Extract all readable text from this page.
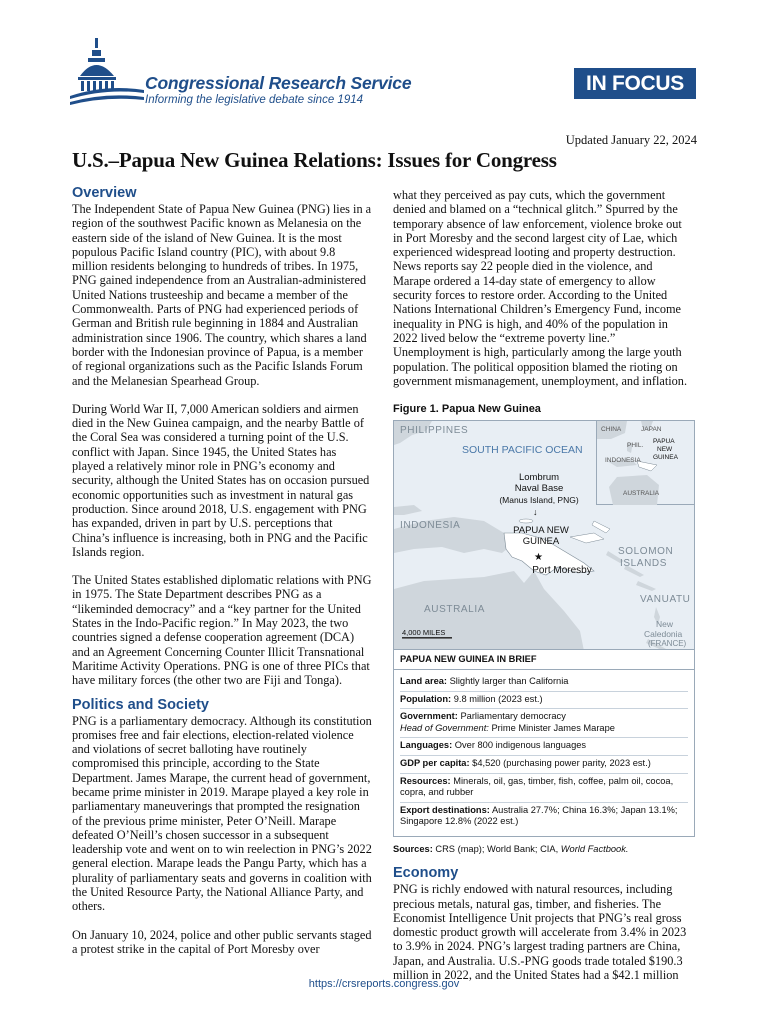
Congressional Research Service
Informing the legislative debate since 1914
IN FOCUS
Updated January 22, 2024
U.S.–Papua New Guinea Relations: Issues for Congress
Overview

The Independent State of Papua New Guinea (PNG) lies in a region of the southwest Pacific known as Melanesia on the eastern side of the island of New Guinea. It is the most populous Pacific Island country (PIC), with about 9.8 million residents belonging to hundreds of tribes. In 1975, PNG gained independence from an Australian-administered United Nations trusteeship and became a member of the Commonwealth. Parts of PNG had experienced periods of German and British rule beginning in 1884 and Australian administration since 1906. The country, which shares a land border with the Indonesian province of Papua, is a member of regional organizations such as the Pacific Islands Forum and the Melanesian Spearhead Group.

During World War II, 7,000 American soldiers and airmen died in the New Guinea campaign, and the nearby Battle of the Coral Sea was considered a turning point of the U.S. conflict with Japan. Since 1945, the United States has played a relatively minor role in PNG’s economy and security, although the United States has on occasion pursued economic opportunities such as investment in natural gas production. Since around 2018, U.S. engagement with PNG has expanded, driven in part by U.S. perceptions that China’s influence is increasing, both in PNG and the Pacific Islands region.

The United States established diplomatic relations with PNG in 1975. The State Department describes PNG as a “likeminded democracy” and a “key partner for the United States in the Indo-Pacific region.” In May 2023, the two countries signed a defense cooperation agreement (DCA) and an Agreement Concerning Counter Illicit Transnational Maritime Activity Operations. PNG is one of three PICs that have military forces (the other two are Fiji and Tonga).

Politics and Society

PNG is a parliamentary democracy. Although its constitution promises free and fair elections, election-related violence and violations of secret balloting have routinely compromised this principle, according to the State Department. James Marape, the current head of government, became prime minister in 2019. Marape played a key role in parliamentary maneuverings that prompted the resignation of the previous prime minister, Peter O’Neill. Marape defeated O’Neill’s chosen successor in a subsequent leadership vote and went on to win reelection in PNG’s 2022 general election. Marape leads the Pangu Party, which has a plurality of parliamentary seats and governs in coalition with the United Resource Party, the National Alliance Party, and others.

On January 10, 2024, police and other public servants staged a protest strike in the capital of Port Moresby over

what they perceived as pay cuts, which the government denied and blamed on a “technical glitch.” Spurred by the temporary absence of law enforcement, violence broke out in Port Moresby and the second largest city of Lae, which experienced widespread looting and property destruction. News reports say 22 people died in the violence, and Marape ordered a 14-day state of emergency to allow security forces to restore order. According to the United Nations International Children’s Emergency Fund, income inequality in PNG is high, and 40% of the population in 2022 lived below the “extreme poverty line.” Unemployment is high, particularly among the large youth population. The political opposition blamed the rioting on government mismanagement, unemployment, and inflation.

Figure 1. Papua New Guinea
PHILIPPINES
SOUTH PACIFIC OCEAN
Lombrum
Naval Base
(Manus Island, PNG)
↓
INDONESIA	PAPUA NEW
GUINEA
★
Port Moresby
SOLOMON
ISLANDS
AUSTRALIA
VANUATU
New
Caledonia
(FRANCE)
4,000 MILES
CHINA	JAPAN
PHIL.
PAPUA
NEW
GUINEA
INDONESIA
AUSTRALIA
PAPUA NEW GUINEA IN BRIEF
Land area: Slightly larger than California
Population: 9.8 million (2023 est.)
Government: Parliamentary democracy
Head of Government: Prime Minister James Marape
Languages: Over 800 indigenous languages
GDP per capita: $4,520 (purchasing power parity, 2023 est.)
Resources: Minerals, oil, gas, timber, fish, coffee, palm oil, cocoa, copra, and rubber
Export destinations: Australia 27.7%; China 16.3%; Japan 13.1%; Singapore 12.8% (2022 est.)
Sources: CRS (map); World Bank; CIA, World Factbook.
Economy

PNG is richly endowed with natural resources, including precious metals, natural gas, timber, and fisheries. The Economist Intelligence Unit projects that PNG’s real gross domestic product growth will accelerate from 3.4% in 2023 to 3.9% in 2024. PNG’s largest trading partners are China, Japan, and Australia. U.S.-PNG goods trade totaled $190.3 million in 2022, and the United States had a $42.1 million

https://crsreports.congress.gov
